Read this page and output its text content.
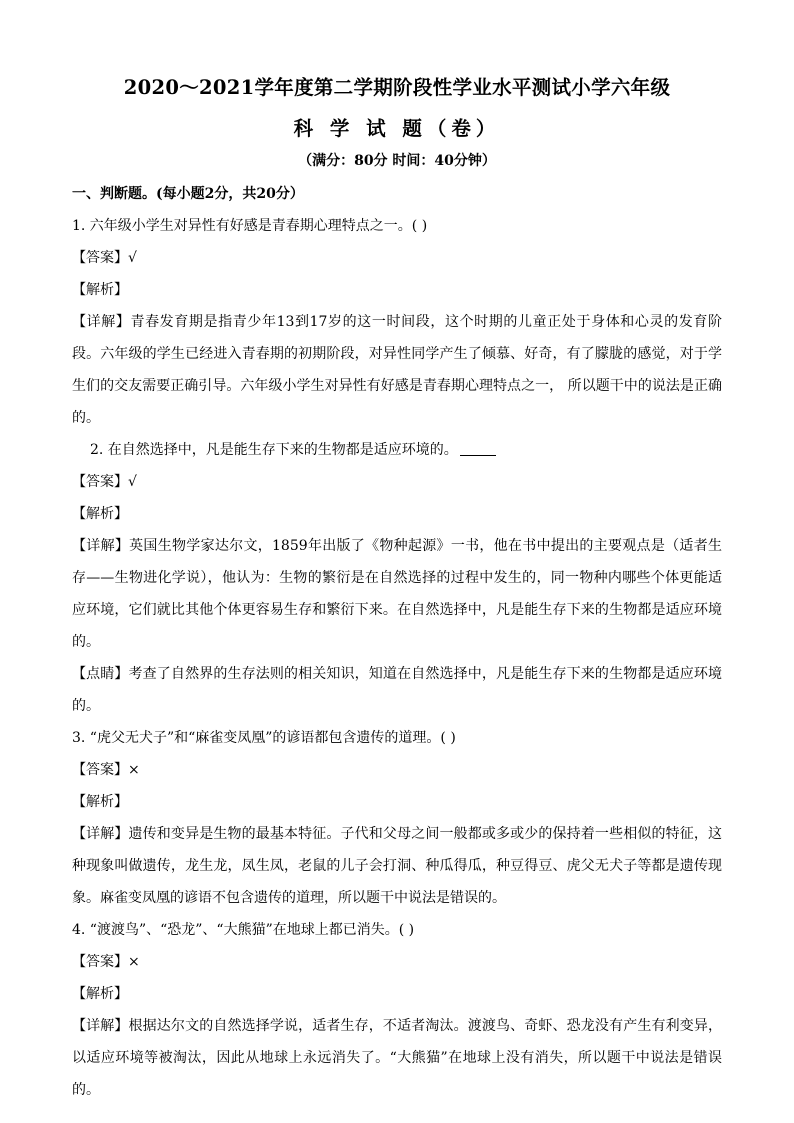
2020～2021学年度第二学期阶段性学业水平测试小学六年级
科 学 试 题（卷）
（满分：80分 时间：40分钟）

一、判断题。(每小题2分，共20分）

1. 六年级小学生对异性有好感是青春期心理特点之一。( )

【答案】√

【解析】

【详解】青春发育期是指青少年13到17岁的这一时间段，这个时期的儿童正处于身体和心灵的发育阶段。六年级的学生已经进入青春期的初期阶段，对异性同学产生了倾慕、好奇，有了朦胧的感觉，对于学生们的交友需要正确引导。六年级小学生对异性有好感是青春期心理特点之一， 所以题干中的说法是正确的。

2. 在自然选择中，凡是能生存下来的生物都是适应环境的。

【答案】√

【解析】

【详解】英国生物学家达尔文，1859年出版了《物种起源》一书，他在书中提出的主要观点是（适者生存——生物进化学说），他认为：生物的繁衍是在自然选择的过程中发生的，同一物种内哪些个体更能适应环境，它们就比其他个体更容易生存和繁衍下来。在自然选择中，凡是能生存下来的生物都是适应环境的。

【点睛】考查了自然界的生存法则的相关知识，知道在自然选择中，凡是能生存下来的生物都是适应环境的。

3. “虎父无犬子”和“麻雀变凤凰”的谚语都包含遗传的道理。( )

【答案】×

【解析】

【详解】遗传和变异是生物的最基本特征。子代和父母之间一般都或多或少的保持着一些相似的特征，这种现象叫做遗传，龙生龙，凤生凤，老鼠的儿子会打洞、种瓜得瓜，种豆得豆、虎父无犬子等都是遗传现象。麻雀变凤凰的谚语不包含遗传的道理，所以题干中说法是错误的。

4. “渡渡鸟”、“恐龙”、“大熊猫”在地球上都已消失。( )

【答案】×

【解析】

【详解】根据达尔文的自然选择学说，适者生存，不适者淘汰。渡渡鸟、奇虾、恐龙没有产生有利变异，以适应环境等被淘汰，因此从地球上永远消失了。“大熊猫”在地球上没有消失，所以题干中说法是错误的。
